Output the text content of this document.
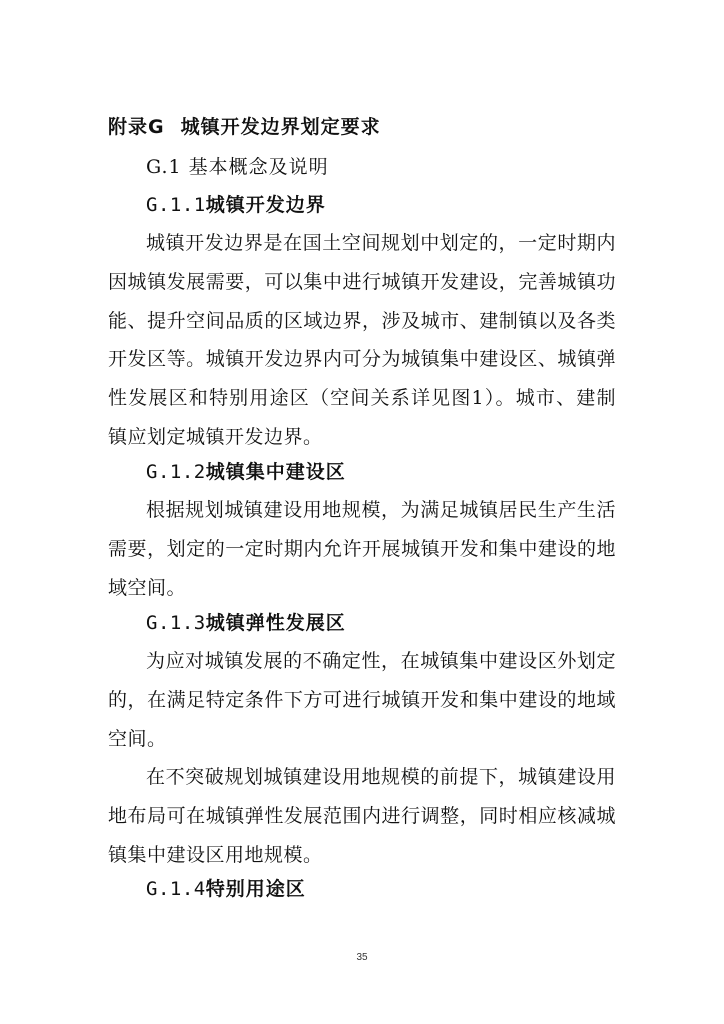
附录G 城镇开发边界划定要求
G.1 基本概念及说明
G.1.1城镇开发边界

城镇开发边界是在国土空间规划中划定的，一定时期内因城镇发展需要，可以集中进行城镇开发建设，完善城镇功能、提升空间品质的区域边界，涉及城市、建制镇以及各类开发区等。城镇开发边界内可分为城镇集中建设区、城镇弹性发展区和特别用途区（空间关系详见图1）。城市、建制镇应划定城镇开发边界。

G.1.2城镇集中建设区

根据规划城镇建设用地规模，为满足城镇居民生产生活需要，划定的一定时期内允许开展城镇开发和集中建设的地域空间。

G.1.3城镇弹性发展区

为应对城镇发展的不确定性，在城镇集中建设区外划定的，在满足特定条件下方可进行城镇开发和集中建设的地域空间。

在不突破规划城镇建设用地规模的前提下，城镇建设用地布局可在城镇弹性发展范围内进行调整，同时相应核减城镇集中建设区用地规模。

G.1.4特别用途区
35
